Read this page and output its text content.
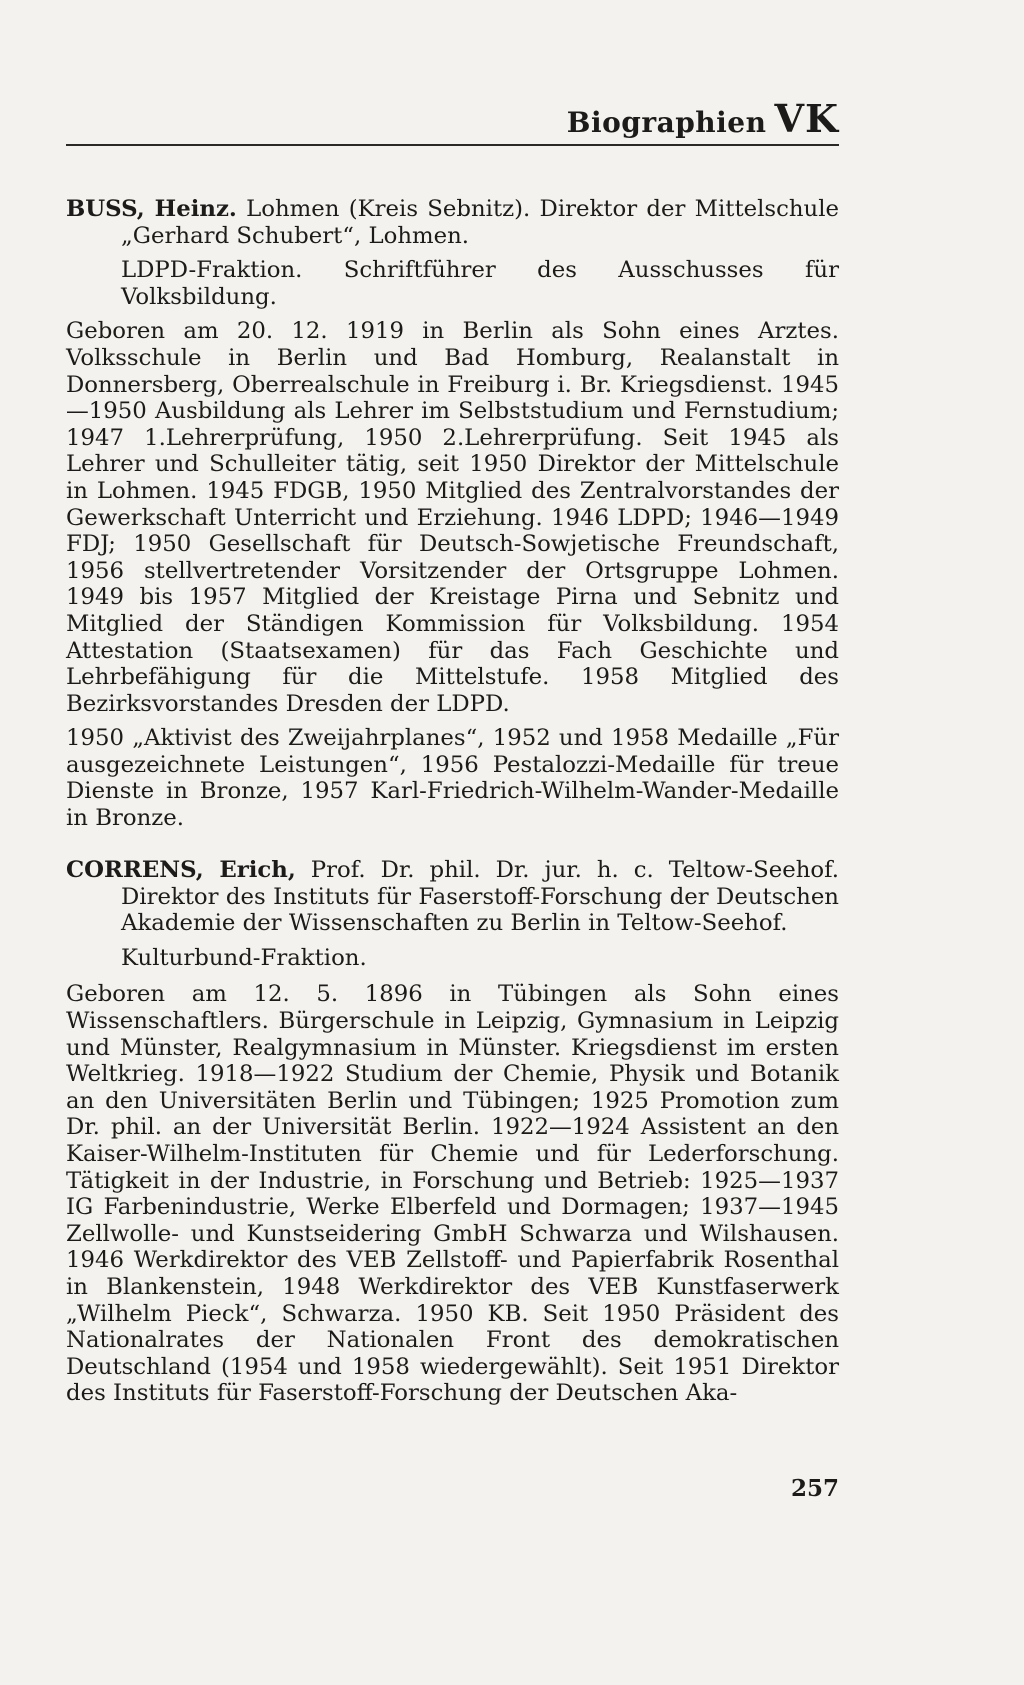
Biographien VK

BUSS, Heinz. Lohmen (Kreis Sebnitz). Direktor der Mittelschule „Gerhard Schubert“, Lohmen.

LDPD-Fraktion. Schriftführer des Ausschusses für Volksbildung.

Geboren am 20. 12. 1919 in Berlin als Sohn eines Arztes. Volksschule in Berlin und Bad Homburg, Realanstalt in Donnersberg, Oberrealschule in Freiburg i. Br. Kriegsdienst. 1945—1950 Ausbildung als Lehrer im Selbststudium und Fernstudium; 1947 1.Lehrerprüfung, 1950 2.Lehrerprüfung. Seit 1945 als Lehrer und Schulleiter tätig, seit 1950 Direktor der Mittelschule in Lohmen. 1945 FDGB, 1950 Mitglied des Zentralvorstandes der Gewerkschaft Unterricht und Erziehung. 1946 LDPD; 1946—1949 FDJ; 1950 Gesellschaft für Deutsch-Sowjetische Freundschaft, 1956 stellvertretender Vorsitzender der Ortsgruppe Lohmen. 1949 bis 1957 Mitglied der Kreistage Pirna und Sebnitz und Mitglied der Ständigen Kommission für Volksbildung. 1954 Attestation (Staatsexamen) für das Fach Geschichte und Lehrbefähigung für die Mittelstufe. 1958 Mitglied des Bezirksvorstandes Dresden der LDPD.

1950 „Aktivist des Zweijahrplanes“, 1952 und 1958 Medaille „Für ausgezeichnete Leistungen“, 1956 Pestalozzi-Medaille für treue Dienste in Bronze, 1957 Karl-Friedrich-Wilhelm-Wander-Medaille in Bronze.

CORRENS, Erich, Prof. Dr. phil. Dr. jur. h. c. Teltow-Seehof. Direktor des Instituts für Faserstoff-Forschung der Deutschen Akademie der Wissenschaften zu Berlin in Teltow-Seehof.

Kulturbund-Fraktion.

Geboren am 12. 5. 1896 in Tübingen als Sohn eines Wissenschaftlers. Bürgerschule in Leipzig, Gymnasium in Leipzig und Münster, Realgymnasium in Münster. Kriegsdienst im ersten Weltkrieg. 1918—1922 Studium der Chemie, Physik und Botanik an den Universitäten Berlin und Tübingen; 1925 Promotion zum Dr. phil. an der Universität Berlin. 1922—1924 Assistent an den Kaiser-Wilhelm-Instituten für Chemie und für Lederforschung. Tätigkeit in der Industrie, in Forschung und Betrieb: 1925—1937 IG Farbenindustrie, Werke Elberfeld und Dormagen; 1937—1945 Zellwolle- und Kunstseidering GmbH Schwarza und Wilshausen. 1946 Werkdirektor des VEB Zellstoff- und Papierfabrik Rosenthal in Blankenstein, 1948 Werkdirektor des VEB Kunstfaserwerk „Wilhelm Pieck“, Schwarza. 1950 KB. Seit 1950 Präsident des Nationalrates der Nationalen Front des demokratischen Deutschland (1954 und 1958 wiedergewählt). Seit 1951 Direktor des Instituts für Faserstoff-Forschung der Deutschen Aka-

257
